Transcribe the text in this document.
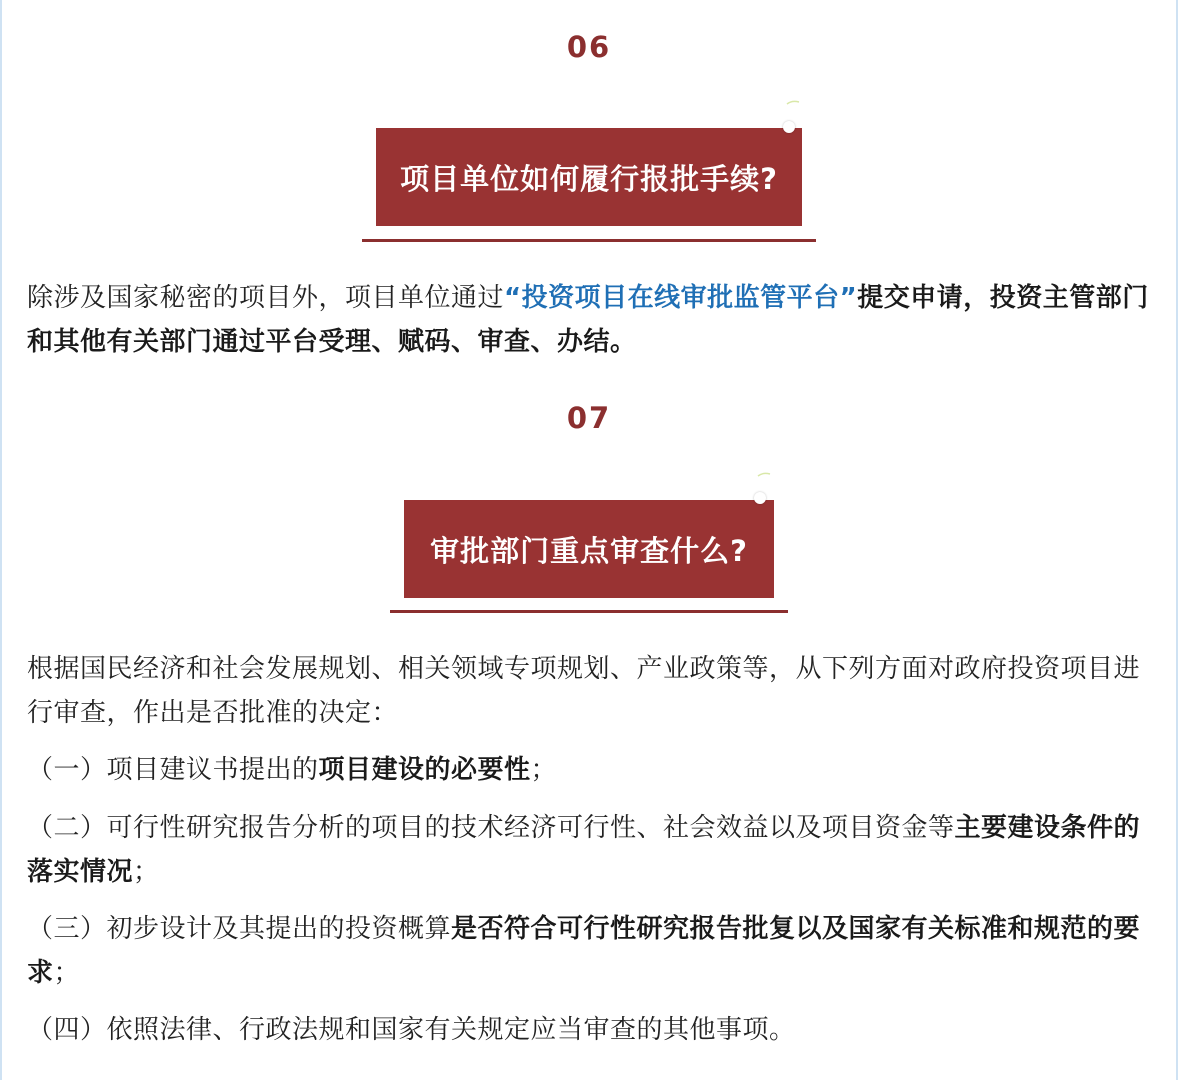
06
项目单位如何履行报批手续?

除涉及国家秘密的项目外，项目单位通过“投资项目在线审批监管平台”提交申请，投资主管部门和其他有关部门通过平台受理、赋码、审查、办结。

07
审批部门重点审查什么?

根据国民经济和社会发展规划、相关领域专项规划、产业政策等，从下列方面对政府投资项目进行审查，作出是否批准的决定：

（一）项目建议书提出的项目建设的必要性；

（二）可行性研究报告分析的项目的技术经济可行性、社会效益以及项目资金等主要建设条件的落实情况；

（三）初步设计及其提出的投资概算是否符合可行性研究报告批复以及国家有关标准和规范的要求；

（四）依照法律、行政法规和国家有关规定应当审查的其他事项。
